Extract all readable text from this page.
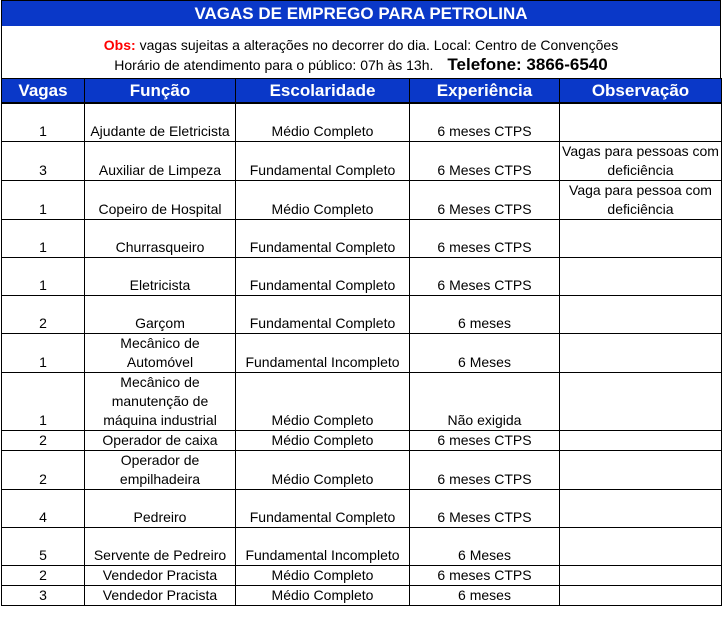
VAGAS DE EMPREGO PARA PETROLINA
Obs: vagas sujeitas a alterações no decorrer do dia. Local: Centro de Convenções
Horário de atendimento para o público: 07h às 13h. Telefone: 3866-6540
Vagas	Função	Escolaridade	Experiência	Observação
1	Ajudante de Eletricista	Médio Completo	6 meses CTPS	
3	Auxiliar de Limpeza	Fundamental Completo	6 Meses CTPS	Vagas para pessoas com deficiência
1	Copeiro de Hospital	Médio Completo	6 Meses CTPS	Vaga para pessoa com deficiência
1	Churrasqueiro	Fundamental Completo	6 meses CTPS	
1	Eletricista	Fundamental Completo	6 Meses CTPS	
2	Garçom	Fundamental Completo	6 meses	
1	Mecânico de Automóvel	Fundamental Incompleto	6 Meses	
1	Mecânico de manutenção de máquina industrial	Médio Completo	Não exigida	
2	Operador de caixa	Médio Completo	6 meses CTPS	
2	Operador de empilhadeira	Médio Completo	6 meses CTPS	
4	Pedreiro	Fundamental Completo	6 Meses CTPS	
5	Servente de Pedreiro	Fundamental Incompleto	6 Meses	
2	Vendedor Pracista	Médio Completo	6 meses CTPS	
3	Vendedor Pracista	Médio Completo	6 meses	
